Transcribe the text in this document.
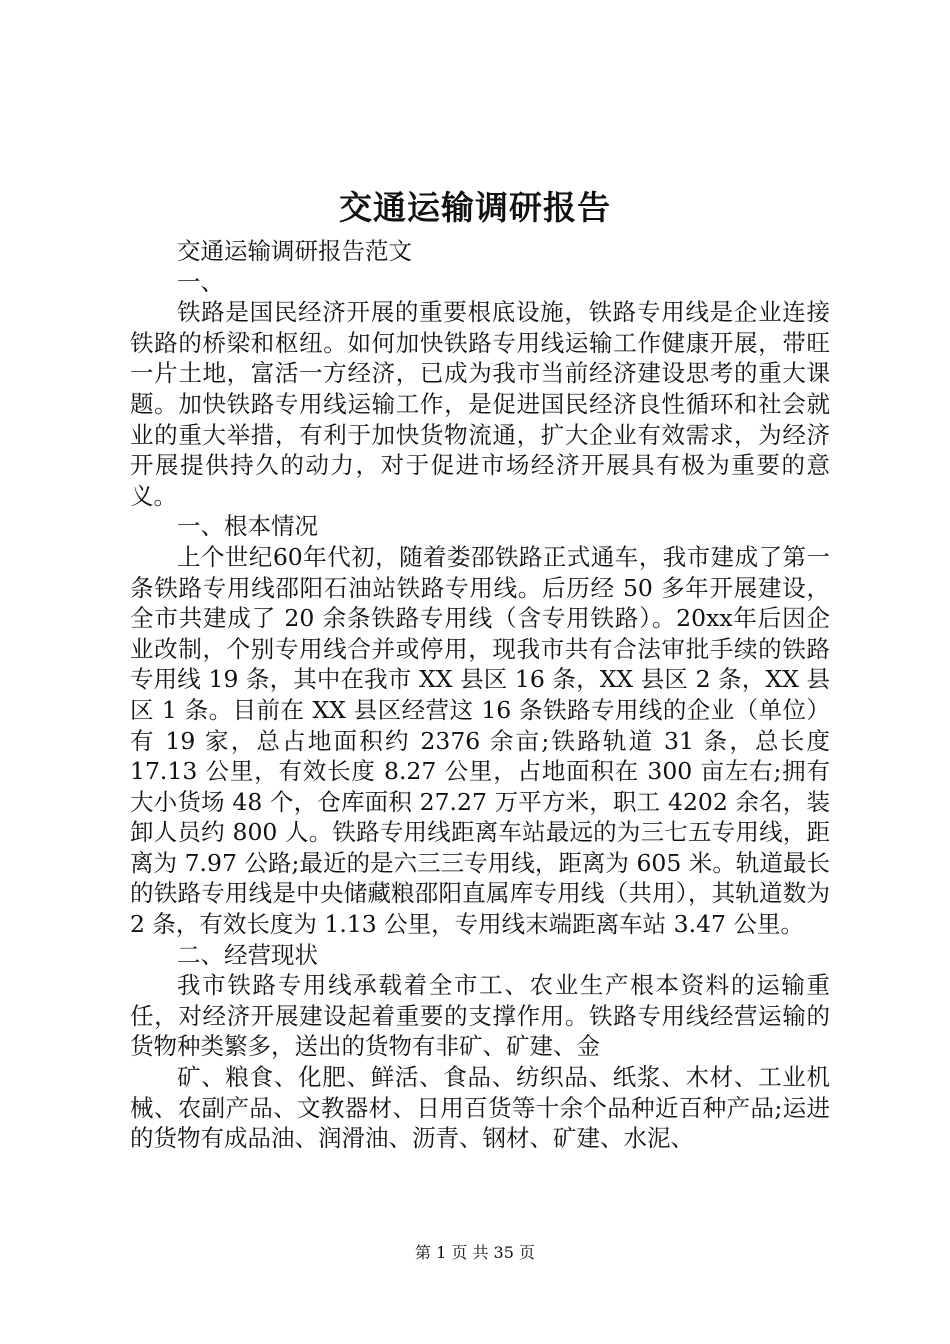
交通运输调研报告

交通运输调研报告范文

一、

铁路是国民经济开展的重要根底设施，铁路专用线是企业连接铁路的桥梁和枢纽。如何加快铁路专用线运输工作健康开展，带旺一片土地，富活一方经济，已成为我市当前经济建设思考的重大课题。加快铁路专用线运输工作，是促进国民经济良性循环和社会就业的重大举措，有利于加快货物流通，扩大企业有效需求，为经济开展提供持久的动力，对于促进市场经济开展具有极为重要的意义。

一、根本情况

上个世纪60年代初，随着娄邵铁路正式通车，我市建成了第一条铁路专用线邵阳石油站铁路专用线。后历经 50 多年开展建设，全市共建成了 20 余条铁路专用线（含专用铁路）。20xx年后因企业改制，个别专用线合并或停用，现我市共有合法审批手续的铁路专用线 19 条，其中在我市 XX 县区 16 条，XX 县区 2 条，XX 县区 1 条。目前在 XX 县区经营这 16 条铁路专用线的企业（单位）有 19 家，总占地面积约 2376 余亩;铁路轨道 31 条，总长度 17.13 公里，有效长度 8.27 公里，占地面积在 300 亩左右;拥有大小货场 48 个，仓库面积 27.27 万平方米，职工 4202 余名，装卸人员约 800 人。铁路专用线距离车站最远的为三七五专用线，距离为 7.97 公路;最近的是六三三专用线，距离为 605 米。轨道最长的铁路专用线是中央储藏粮邵阳直属库专用线（共用），其轨道数为 2 条，有效长度为 1.13 公里，专用线末端距离车站 3.47 公里。

二、经营现状

我市铁路专用线承载着全市工、农业生产根本资料的运输重任，对经济开展建设起着重要的支撑作用。铁路专用线经营运输的货物种类繁多，送出的货物有非矿、矿建、金

矿、粮食、化肥、鲜活、食品、纺织品、纸浆、木材、工业机械、农副产品、文教器材、日用百货等十余个品种近百种产品;运进的货物有成品油、润滑油、沥青、钢材、矿建、水泥、

第 1 页 共 35 页
